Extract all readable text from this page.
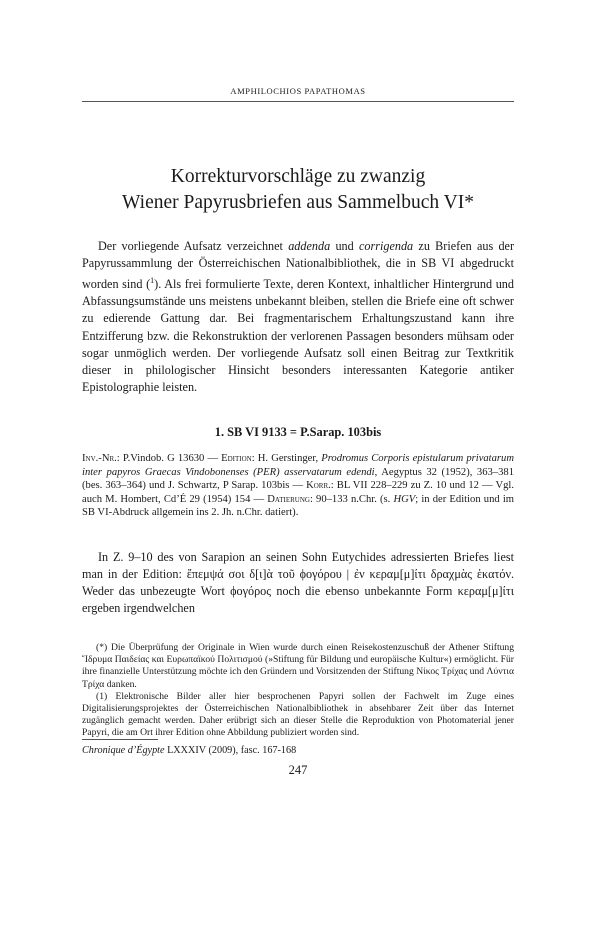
AMPHILOCHIOS PAPATHOMAS
Korrekturvorschläge zu zwanzig
Wiener Papyrusbriefen aus Sammelbuch VI*
Der vorliegende Aufsatz verzeichnet addenda und corrigenda zu Briefen aus der Papyrussammlung der Österreichischen Nationalbibliothek, die in SB VI abgedruckt worden sind ($^1$). Als frei formulierte Texte, deren Kontext, inhaltlicher Hintergrund und Abfassungsumstände uns meistens unbekannt bleiben, stellen die Briefe eine oft schwer zu edierende Gattung dar. Bei fragmentarischem Erhaltungszustand kann ihre Entzifferung bzw. die Rekonstruktion der verlorenen Passagen besonders mühsam oder sogar unmöglich werden. Der vorliegende Aufsatz soll einen Beitrag zur Textkritik dieser in philologischer Hinsicht besonders interessanten Kategorie antiker Epistolographie leisten.
1. SB VI 9133 = P.Sarap. 103bis
Inv.-Nr.: P.Vindob. G 13630 — Edition: H. Gerstinger, Prodromus Corporis epistularum privatarum inter papyros Graecas Vindobonenses (PER) asservatarum edendi, Aegyptus 32 (1952), 363–381 (bes. 363–364) und J. Schwartz, P Sarap. 103bis — Korr.: BL VII 228–229 zu Z. 10 und 12 — Vgl. auch M. Hombert, Cd’É 29 (1954) 154 — Datierung: 90–133 n.Chr. (s. HGV; in der Edition und im SB VI-Abdruck allgemein ins 2. Jh. n.Chr. datiert).
In Z. 9–10 des von Sarapion an seinen Sohn Eutychides adressierten Briefes liest man in der Edition: ἔπεμψά σοι δ[ι]ὰ τοῦ ϕογόρου | ἐν κεραμ[μ]ίτι δραχμὰς ἑκατόν. Weder das unbezeugte Wort ϕογόρος noch die ebenso unbekannte Form κεραμ[μ]ίτι ergeben irgendwelchen

(*) Die Überprüfung der Originale in Wien wurde durch einen Reisekostenzuschuß der Athener Stiftung Ἵδρυμα Παιδείας και Ευρωπαϊκού Πολιτισμού (»Stiftung für Bildung und europäische Kultur«) ermöglicht. Für ihre finanzielle Unterstützung möchte ich den Gründern und Vorsitzenden der Stiftung Νίκος Τρίχας und Λύντια Τρίχα danken.

(1) Elektronische Bilder aller hier besprochenen Papyri sollen der Fachwelt im Zuge eines Digitalisierungsprojektes der Österreichischen Nationalbibliothek in absehbarer Zeit über das Internet zugänglich gemacht werden. Daher erübrigt sich an dieser Stelle die Reproduktion von Photomaterial jener Papyri, die am Ort ihrer Edition ohne Abbildung publiziert worden sind.

Chronique d’Égypte LXXXIV (2009), fasc. 167-168
247
